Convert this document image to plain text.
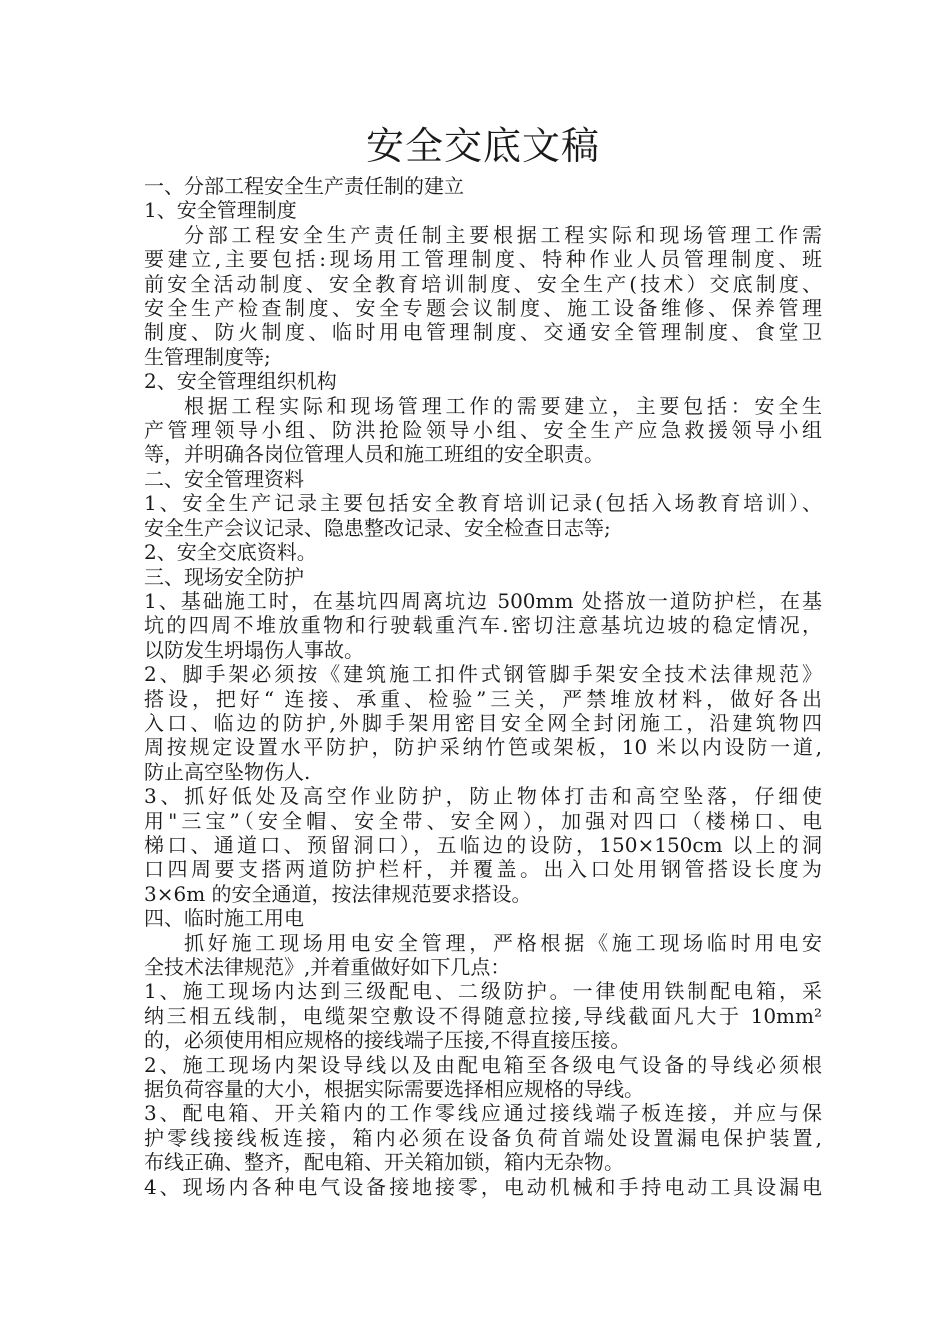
安全交底文稿

一、分部工程安全生产责任制的建立

1、安全管理制度

分部工程安全生产责任制主要根据工程实际和现场管理工作需

要建立,主要包括:现场用工管理制度、特种作业人员管理制度、班

前安全活动制度、安全教育培训制度、安全生产(技术）交底制度、

安全生产检查制度、安全专题会议制度、施工设备维修、保养管理

制度、防火制度、临时用电管理制度、交通安全管理制度、食堂卫

生管理制度等;

2、安全管理组织机构

根据工程实际和现场管理工作的需要建立，主要包括：安全生

产管理领导小组、防洪抢险领导小组、安全生产应急救援领导小组

等，并明确各岗位管理人员和施工班组的安全职责。

二、安全管理资料

1、安全生产记录主要包括安全教育培训记录(包括入场教育培训）、

安全生产会议记录、隐患整改记录、安全检查日志等;

2、安全交底资料。

三、现场安全防护

1、基础施工时，在基坑四周离坑边 500mm 处搭放一道防护栏，在基

坑的四周不堆放重物和行驶载重汽车.密切注意基坑边坡的稳定情况，

以防发生坍塌伤人事故。

2、脚手架必须按《建筑施工扣件式钢管脚手架安全技术法律规范》

搭设，把好“ 连接、承重、检验”三关，严禁堆放材料，做好各出

入口、临边的防护,外脚手架用密目安全网全封闭施工，沿建筑物四

周按规定设置水平防护，防护采纳竹笆或架板，10 米以内设防一道,

防止高空坠物伤人.

3、抓好低处及高空作业防护，防止物体打击和高空坠落，仔细使

用"三宝”（安全帽、安全带、安全网），加强对四口（楼梯口、电

梯口、通道口、预留洞口），五临边的设防，150×150cm 以上的洞

口四周要支搭两道防护栏杆，并覆盖。出入口处用钢管搭设长度为

3×6m 的安全通道，按法律规范要求搭设。

四、临时施工用电

抓好施工现场用电安全管理，严格根据《施工现场临时用电安

全技术法律规范》,并着重做好如下几点：

1、施工现场内达到三级配电、二级防护。一律使用铁制配电箱，采

纳三相五线制，电缆架空敷设不得随意拉接,导线截面凡大于 10mm²

的，必须使用相应规格的接线端子压接,不得直接压接。

2、施工现场内架设导线以及由配电箱至各级电气设备的导线必须根

据负荷容量的大小，根据实际需要选择相应规格的导线。

3、配电箱、开关箱内的工作零线应通过接线端子板连接，并应与保

护零线接线板连接，箱内必须在设备负荷首端处设置漏电保护装置,

布线正确、整齐，配电箱、开关箱加锁，箱内无杂物。

4、现场内各种电气设备接地接零，电动机械和手持电动工具设漏电
